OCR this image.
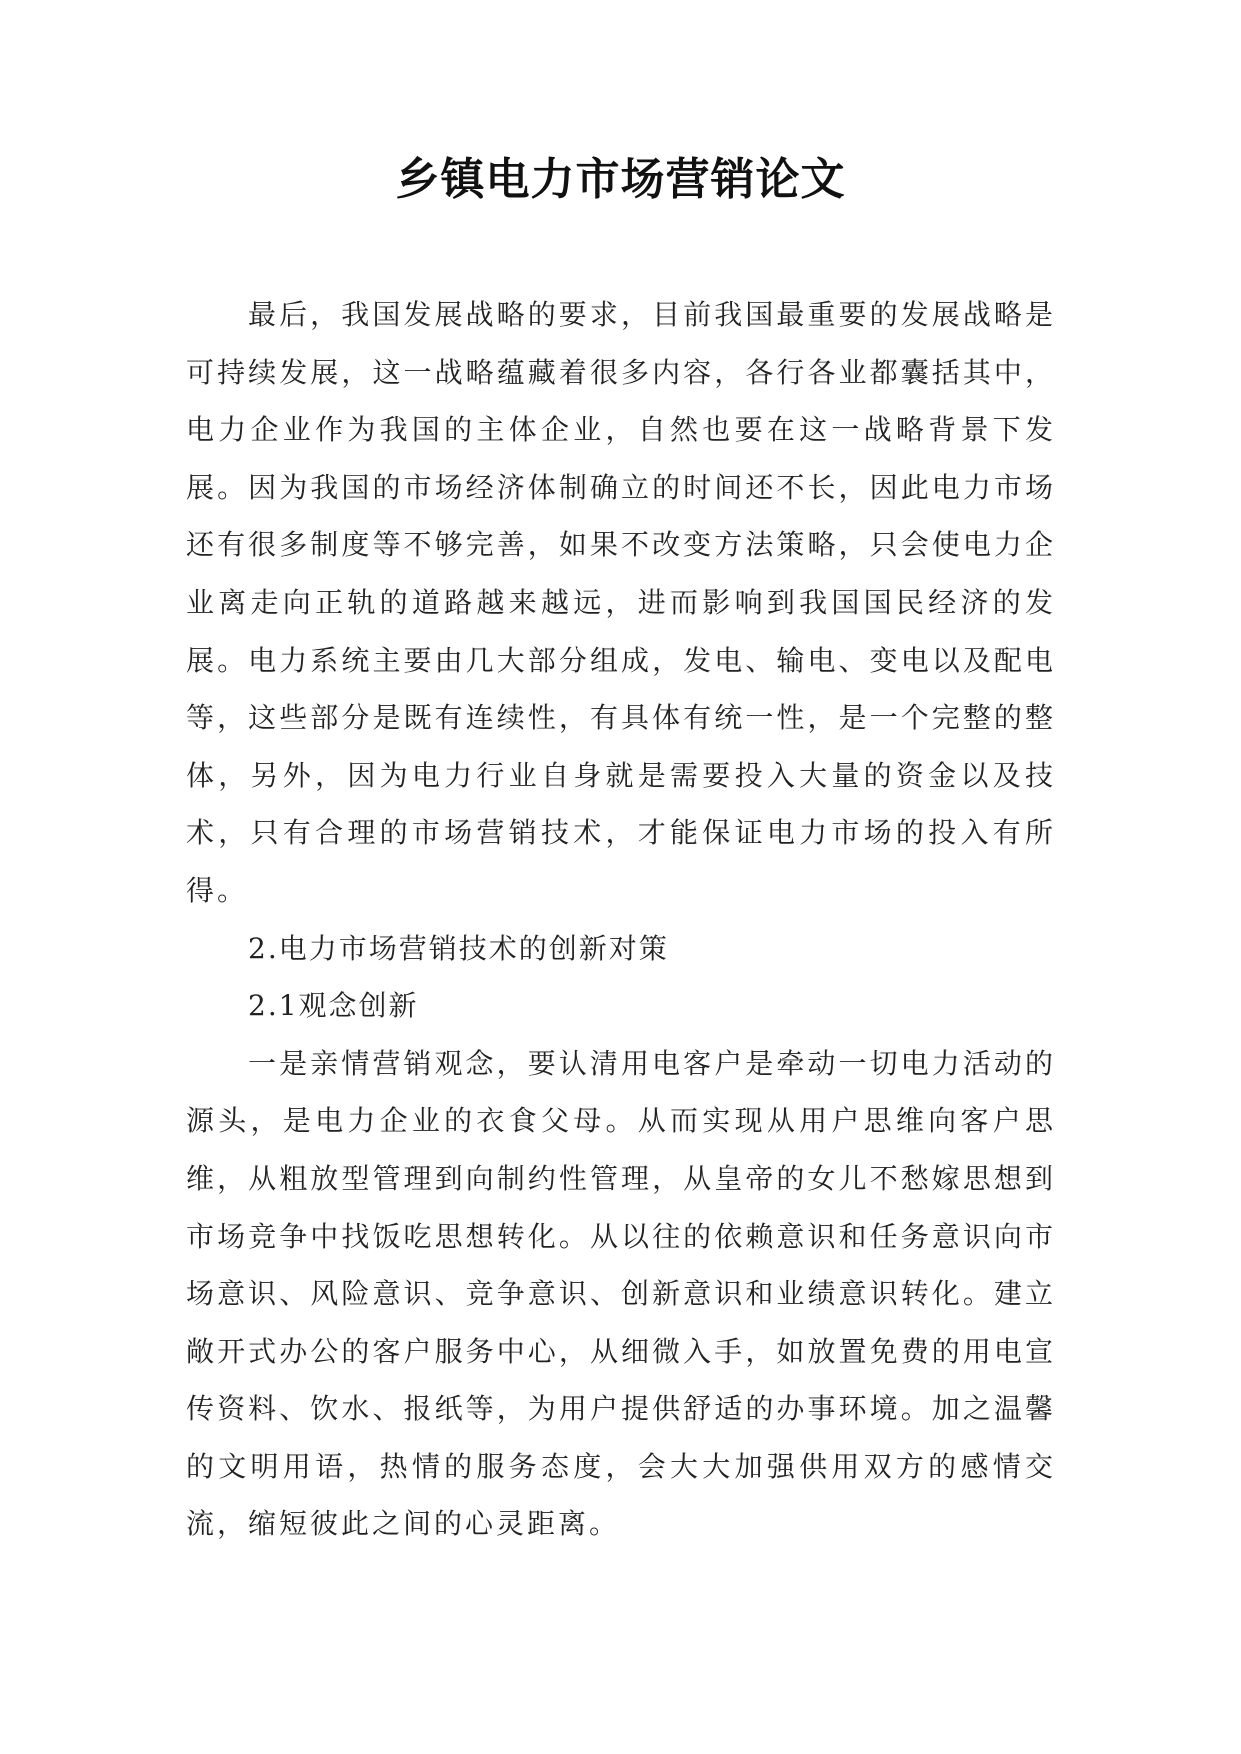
乡镇电力市场营销论文

最后，我国发展战略的要求，目前我国最重要的发展战略是可持续发展，这一战略蕴藏着很多内容，各行各业都囊括其中，电力企业作为我国的主体企业，自然也要在这一战略背景下发展。因为我国的市场经济体制确立的时间还不长，因此电力市场还有很多制度等不够完善，如果不改变方法策略，只会使电力企业离走向正轨的道路越来越远，进而影响到我国国民经济的发展。电力系统主要由几大部分组成，发电、输电、变电以及配电等，这些部分是既有连续性，有具体有统一性，是一个完整的整体，另外，因为电力行业自身就是需要投入大量的资金以及技术，只有合理的市场营销技术，才能保证电力市场的投入有所得。

2.电力市场营销技术的创新对策

2.1观念创新

一是亲情营销观念，要认清用电客户是牵动一切电力活动的源头，是电力企业的衣食父母。从而实现从用户思维向客户思维，从粗放型管理到向制约性管理，从皇帝的女儿不愁嫁思想到市场竞争中找饭吃思想转化。从以往的依赖意识和任务意识向市场意识、风险意识、竞争意识、创新意识和业绩意识转化。建立敞开式办公的客户服务中心，从细微入手，如放置免费的用电宣传资料、饮水、报纸等，为用户提供舒适的办事环境。加之温馨的文明用语，热情的服务态度，会大大加强供用双方的感情交流，缩短彼此之间的心灵距离。
